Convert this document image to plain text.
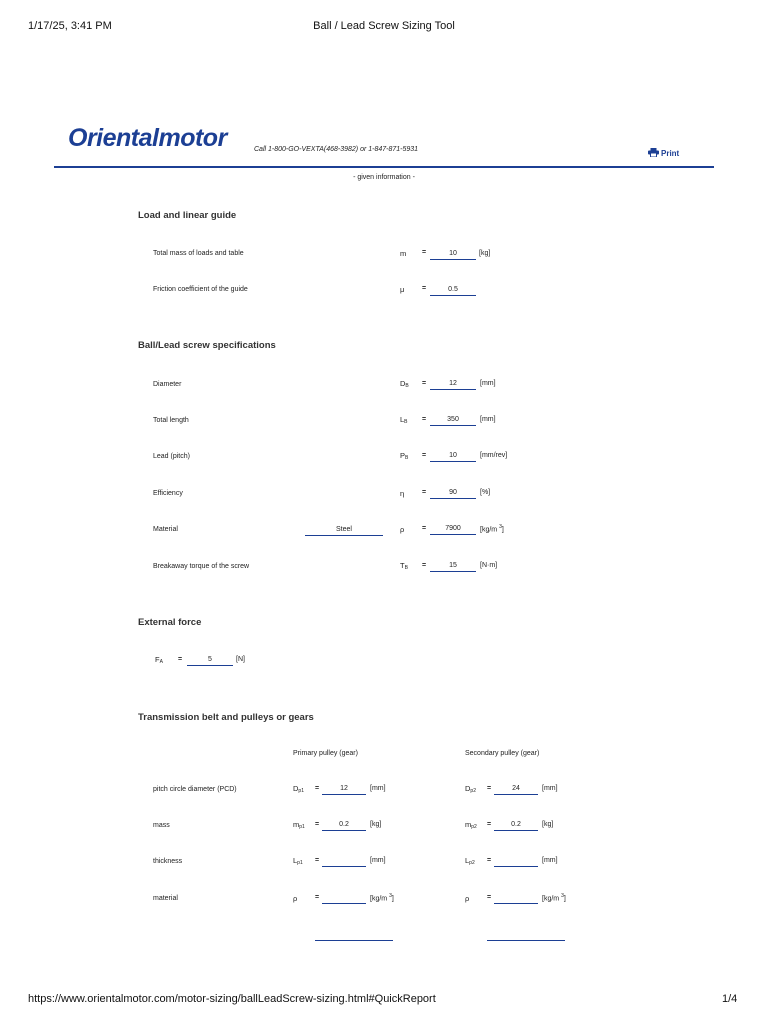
1/17/25, 3:41 PM	Ball / Lead Screw Sizing Tool
Orientalmotor	Call 1-800-GO-VEXTA(468-3982) or 1-847-871-5931	Print
- given information -
Load and linear guide
Total mass of loads and table	m =	10	[kg]
Friction coefficient of the guide	μ	=	0.5
Ball/Lead screw specifications
Diameter	$D_B$ =	12	[mm]
Total length	$L_B$ =	350	[mm]
Lead (pitch)	$P_B$ =	10	[mm/rev]
Efficiency	η	=	90	[%]
Material	Steel	ρ	=	7900	[kg/m $^3$]
Breakaway torque of the screw	$T_B$ =	15	[N·m]
External force
$F_A$ =	5	[N]
Transmission belt and pulleys or gears
Primary pulley (gear)	Secondary pulley (gear)
pitch circle diameter (PCD)	$D_{p1}$ =	12	[mm]	$D_{p2}$ =	24	[mm]
mass	$m_{p1}$ =	0.2	[kg]	$m_{p2}$ =	0.2	[kg]
thickness	$L_{p1}$ =	[mm]	$L_{p2}$ =	[mm]
material	ρ	=	[kg/m $^3$]	ρ	=	[kg/m $^3$]
https://www.orientalmotor.com/motor-sizing/ballLeadScrew-sizing.html#QuickReport	1/4
